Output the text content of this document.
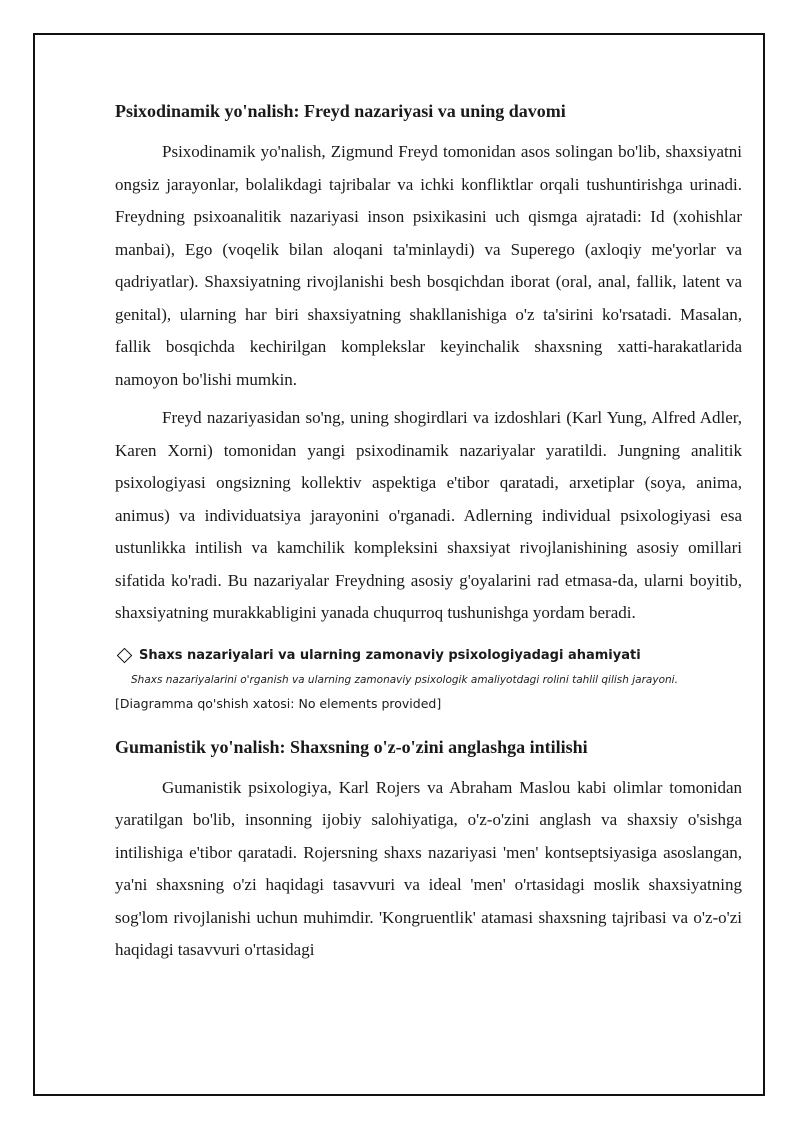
Psixodinamik yo'nalish: Freyd nazariyasi va uning davomi

Psixodinamik yo'nalish, Zigmund Freyd tomonidan asos solingan bo'lib, shaxsiyatni ongsiz jarayonlar, bolalikdagi tajribalar va ichki konfliktlar orqali tushuntirishga urinadi. Freydning psixoanalitik nazariyasi inson psixikasini uch qismga ajratadi: Id (xohishlar manbai), Ego (voqelik bilan aloqani ta'minlaydi) va Superego (axloqiy me'yorlar va qadriyatlar). Shaxsiyatning rivojlanishi besh bosqichdan iborat (oral, anal, fallik, latent va genital), ularning har biri shaxsiyatning shakllanishiga o'z ta'sirini ko'rsatadi. Masalan, fallik bosqichda kechirilgan komplekslar keyinchalik shaxsning xatti-harakatlarida namoyon bo'lishi mumkin.

Freyd nazariyasidan so'ng, uning shogirdlari va izdoshlari (Karl Yung, Alfred Adler, Karen Xorni) tomonidan yangi psixodinamik nazariyalar yaratildi. Jungning analitik psixologiyasi ongsizning kollektiv aspektiga e'tibor qaratadi, arxetiplar (soya, anima, animus) va individuatsiya jarayonini o'rganadi. Adlerning individual psixologiyasi esa ustunlikka intilish va kamchilik kompleksini shaxsiyat rivojlanishining asosiy omillari sifatida ko'radi. Bu nazariyalar Freydning asosiy g'oyalarini rad etmasa-da, ularni boyitib, shaxsiyatning murakkabligini yanada chuqurroq tushunishga yordam beradi.

Shaxs nazariyalari va ularning zamonaviy psixologiyadagi ahamiyati
Shaxs nazariyalarini o'rganish va ularning zamonaviy psixologik amaliyotdagi rolini tahlil qilish jarayoni.
[Diagramma qo'shish xatosi: No elements provided]
Gumanistik yo'nalish: Shaxsning o'z-o'zini anglashga intilishi

Gumanistik psixologiya, Karl Rojers va Abraham Maslou kabi olimlar tomonidan yaratilgan bo'lib, insonning ijobiy salohiyatiga, o'z-o'zini anglash va shaxsiy o'sishga intilishiga e'tibor qaratadi. Rojersning shaxs nazariyasi 'men' kontseptsiyasiga asoslangan, ya'ni shaxsning o'zi haqidagi tasavvuri va ideal 'men' o'rtasidagi moslik shaxsiyatning sog'lom rivojlanishi uchun muhimdir. 'Kongruentlik' atamasi shaxsning tajribasi va o'z-o'zi haqidagi tasavvuri o'rtasidagi
